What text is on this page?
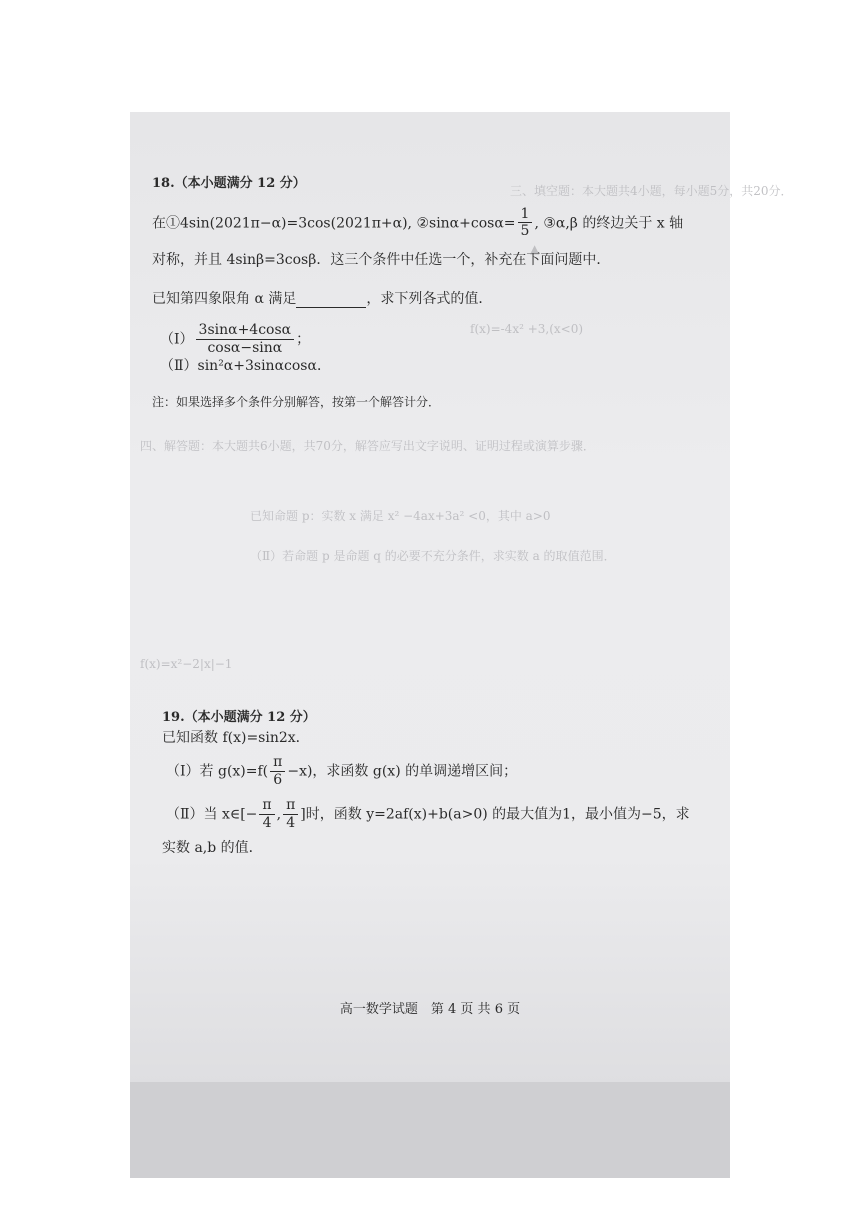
三、填空题：本大题共4小题，每小题5分，共20分．
▲
f(x)=-4x² +3,(x<0)
四、解答题：本大题共6小题，共70分，解答应写出文字说明、证明过程或演算步骤．
已知命题 p：实数 x 满足 x² −4ax+3a² <0，其中 a>0
（Ⅱ）若命题 p 是命题 q 的必要不充分条件，求实数 a 的取值范围．
f(x)=x²−2|x|−1

18.（本小题满分 12 分）

在①4sin(2021π−α)=3cos(2021π+α), ②sinα+cosα= $\frac{1}{5}$ , ③α,β 的终边关于 x 轴

对称，并且 4sinβ=3cosβ．这三个条件中任选一个，补充在下面问题中．

已知第四象限角 α 满足	，求下列各式的值．

（Ⅰ） $\frac{3\sin\alpha+4\cos\alpha}{\cos\alpha-\sin\alpha}$ ；

（Ⅱ）sin²α+3sinαcosα．

注：如果选择多个条件分别解答，按第一个解答计分．

19.（本小题满分 12 分）

已知函数 f(x)=sin2x．

（Ⅰ）若 $g(x)=f( \frac{\pi}{6} -x)$，求函数 g(x) 的单调递增区间；

（Ⅱ）当 x∈[− $\frac{\pi}{4}$ , $\frac{\pi}{4}$ ]时，函数 y=2af(x)+b(a>0) 的最大值为1，最小值为−5，求

实数 a,b 的值．

高一数学试题　第 4 页 共 6 页
